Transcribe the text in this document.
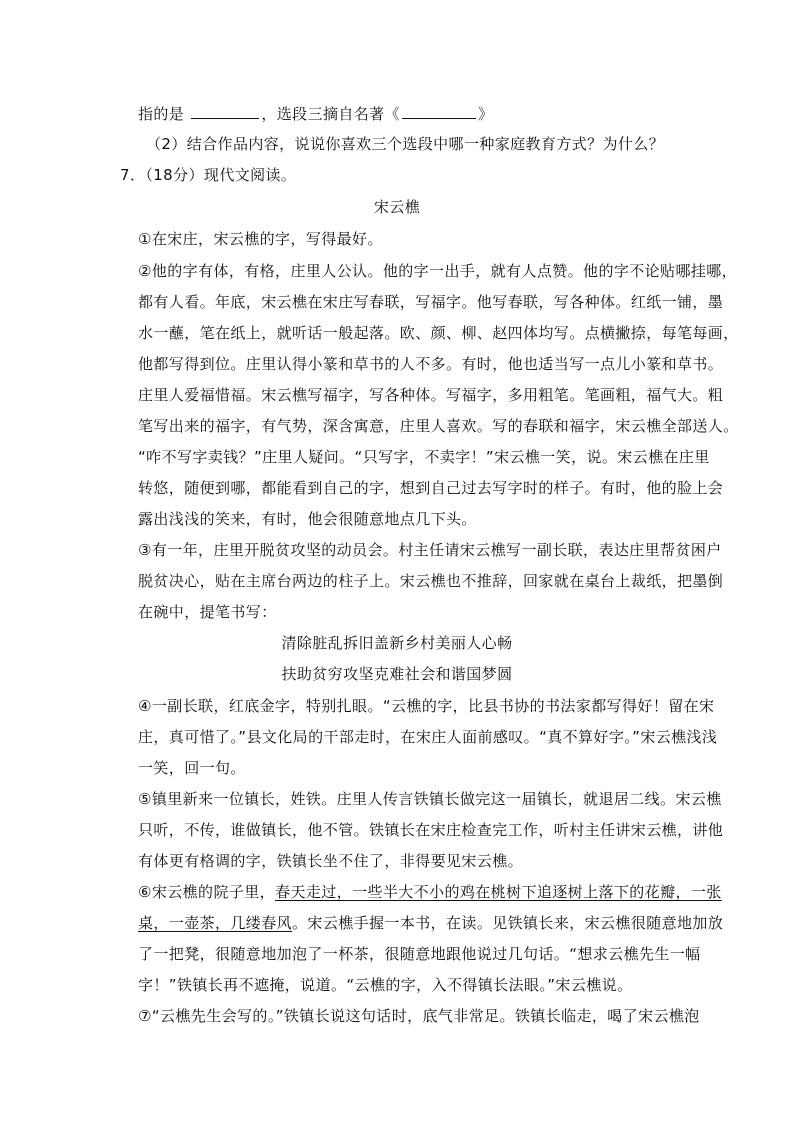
指的是	，选段三摘自名著《	》
（2）结合作品内容，说说你喜欢三个选段中哪一种家庭教育方式？为什么？
7．（18分）现代文阅读。
宋云樵
①在宋庄，宋云樵的字，写得最好。
②他的字有体，有格，庄里人公认。他的字一出手，就有人点赞。他的字不论贴哪挂哪，
都有人看。年底，宋云樵在宋庄写春联，写福字。他写春联，写各种体。红纸一铺，墨
水一蘸，笔在纸上，就听话一般起落。欧、颜、柳、赵四体均写。点横撇捺，每笔每画，
他都写得到位。庄里认得小篆和草书的人不多。有时，他也适当写一点儿小篆和草书。
庄里人爱福惜福。宋云樵写福字，写各种体。写福字，多用粗笔。笔画粗，福气大。粗
笔写出来的福字，有气势，深含寓意，庄里人喜欢。写的春联和福字，宋云樵全部送人。
“咋不写字卖钱？”庄里人疑问。“只写字，不卖字！”宋云樵一笑，说。宋云樵在庄里
转悠，随便到哪，都能看到自己的字，想到自己过去写字时的样子。有时，他的脸上会
露出浅浅的笑来，有时，他会很随意地点几下头。
③有一年，庄里开脱贫攻坚的动员会。村主任请宋云樵写一副长联，表达庄里帮贫困户
脱贫决心，贴在主席台两边的柱子上。宋云樵也不推辞，回家就在桌台上裁纸，把墨倒
在碗中，提笔书写：
清除脏乱拆旧盖新乡村美丽人心畅
扶助贫穷攻坚克难社会和谐国梦圆
④一副长联，红底金字，特别扎眼。“云樵的字，比县书协的书法家都写得好！留在宋
庄，真可惜了。”县文化局的干部走时，在宋庄人面前感叹。“真不算好字。”宋云樵浅浅
一笑，回一句。
⑤镇里新来一位镇长，姓铁。庄里人传言铁镇长做完这一届镇长，就退居二线。宋云樵
只听，不传，谁做镇长，他不管。铁镇长在宋庄检查完工作，听村主任讲宋云樵，讲他
有体更有格调的字，铁镇长坐不住了，非得要见宋云樵。
⑥宋云樵的院子里，春天走过，一些半大不小的鸡在桃树下追逐树上落下的花瓣，一张
桌，一壶茶，几缕春风。宋云樵手握一本书，在读。见铁镇长来，宋云樵很随意地加放
了一把凳，很随意地加泡了一杯茶，很随意地跟他说过几句话。“想求云樵先生一幅
字！”铁镇长再不遮掩，说道。“云樵的字，入不得镇长法眼。”宋云樵说。
⑦“云樵先生会写的。”铁镇长说这句话时，底气非常足。铁镇长临走，喝了宋云樵泡
